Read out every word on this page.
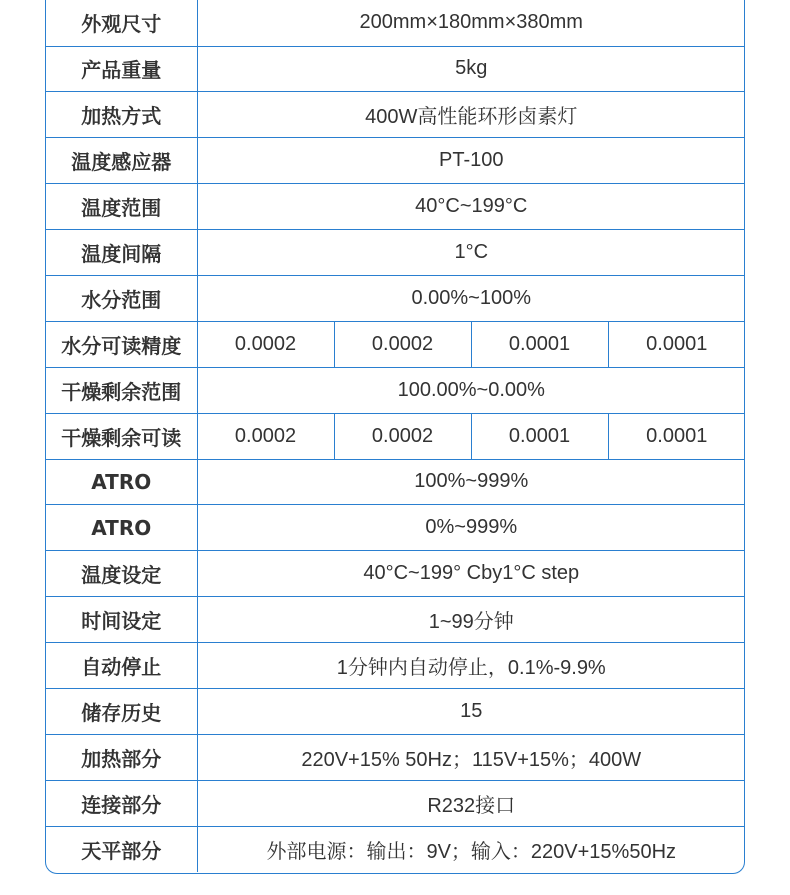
外观尺寸	200mm×180mm×380mm			
产品重量	5kg			
加热方式	400W高性能环形卤素灯			
温度感应器	PT-100			
温度范围	40°C~199°C			
温度间隔	1°C			
水分范围	0.00%~100%			
水分可读精度	0.0002	0.0002	0.0001	0.0001
干燥剩余范围	100.00%~0.00%			
干燥剩余可读	0.0002	0.0002	0.0001	0.0001
ATRO	100%~999%			
ATRO	0%~999%			
温度设定	40°C~199° Cby1°C step			
时间设定	1~99分钟			
自动停止	1分钟内自动停止，0.1%-9.9%			
储存历史	15			
加热部分	220V+15% 50Hz；115V+15%；400W			
连接部分	R232接口			
天平部分	外部电源：输出：9V；输入：220V+15%50Hz			
